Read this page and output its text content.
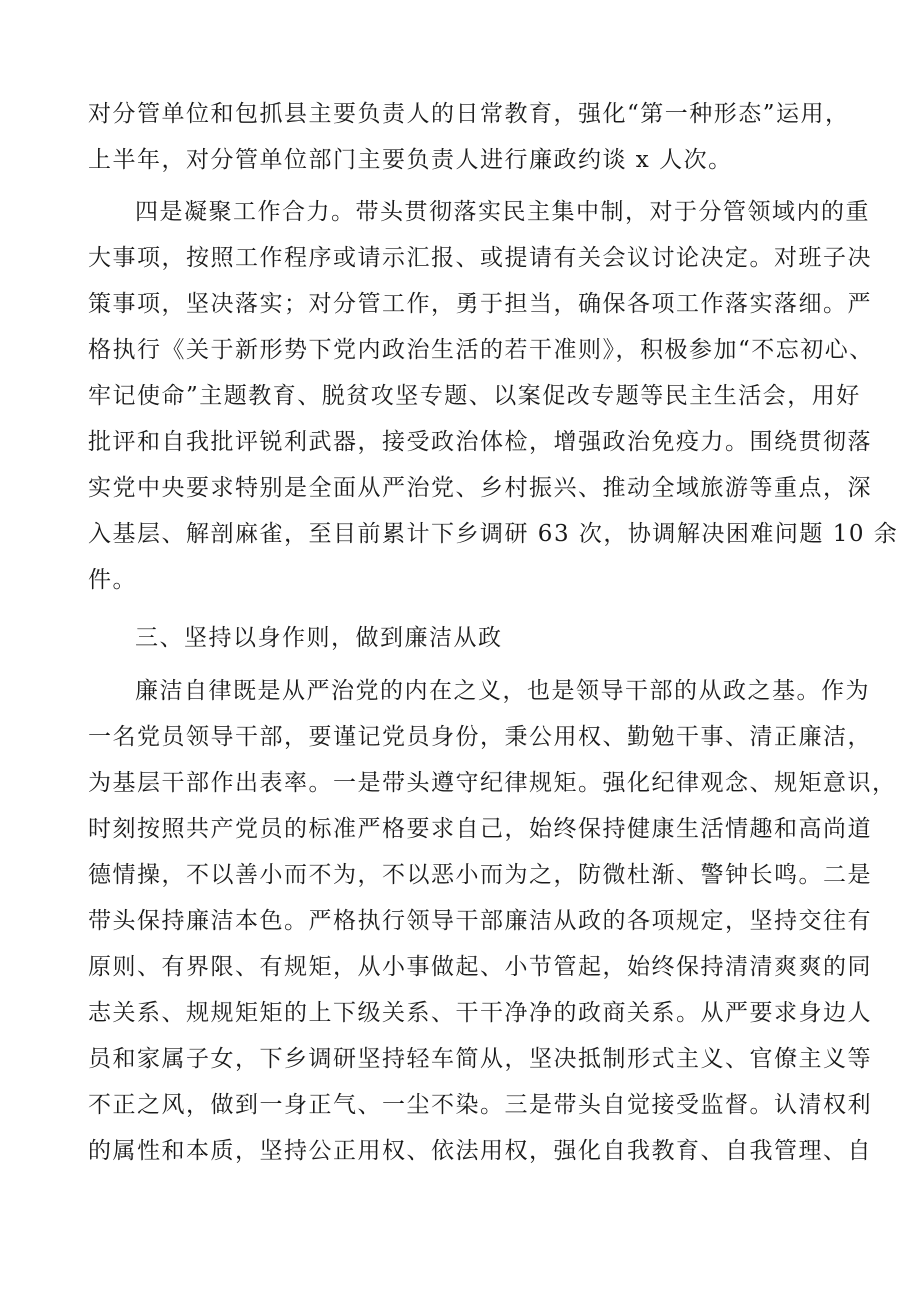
对分管单位和包抓县主要负责人的日常教育，强化“第一种形态”运用，
上半年，对分管单位部门主要负责人进行廉政约谈 x 人次。
四是凝聚工作合力。带头贯彻落实民主集中制，对于分管领域内的重
大事项，按照工作程序或请示汇报、或提请有关会议讨论决定。对班子决
策事项，坚决落实；对分管工作，勇于担当，确保各项工作落实落细。严
格执行《关于新形势下党内政治生活的若干准则》，积极参加“不忘初心、
牢记使命”主题教育、脱贫攻坚专题、以案促改专题等民主生活会，用好
批评和自我批评锐利武器，接受政治体检，增强政治免疫力。围绕贯彻落
实党中央要求特别是全面从严治党、乡村振兴、推动全域旅游等重点，深
入基层、解剖麻雀，至目前累计下乡调研 63 次，协调解决困难问题 10 余
件。
三、坚持以身作则，做到廉洁从政
廉洁自律既是从严治党的内在之义，也是领导干部的从政之基。作为
一名党员领导干部，要谨记党员身份，秉公用权、勤勉干事、清正廉洁，
为基层干部作出表率。一是带头遵守纪律规矩。强化纪律观念、规矩意识，
时刻按照共产党员的标准严格要求自己，始终保持健康生活情趣和高尚道
德情操，不以善小而不为，不以恶小而为之，防微杜渐、警钟长鸣。二是
带头保持廉洁本色。严格执行领导干部廉洁从政的各项规定，坚持交往有
原则、有界限、有规矩，从小事做起、小节管起，始终保持清清爽爽的同
志关系、规规矩矩的上下级关系、干干净净的政商关系。从严要求身边人
员和家属子女，下乡调研坚持轻车简从，坚决抵制形式主义、官僚主义等
不正之风，做到一身正气、一尘不染。三是带头自觉接受监督。认清权利
的属性和本质，坚持公正用权、依法用权，强化自我教育、自我管理、自
